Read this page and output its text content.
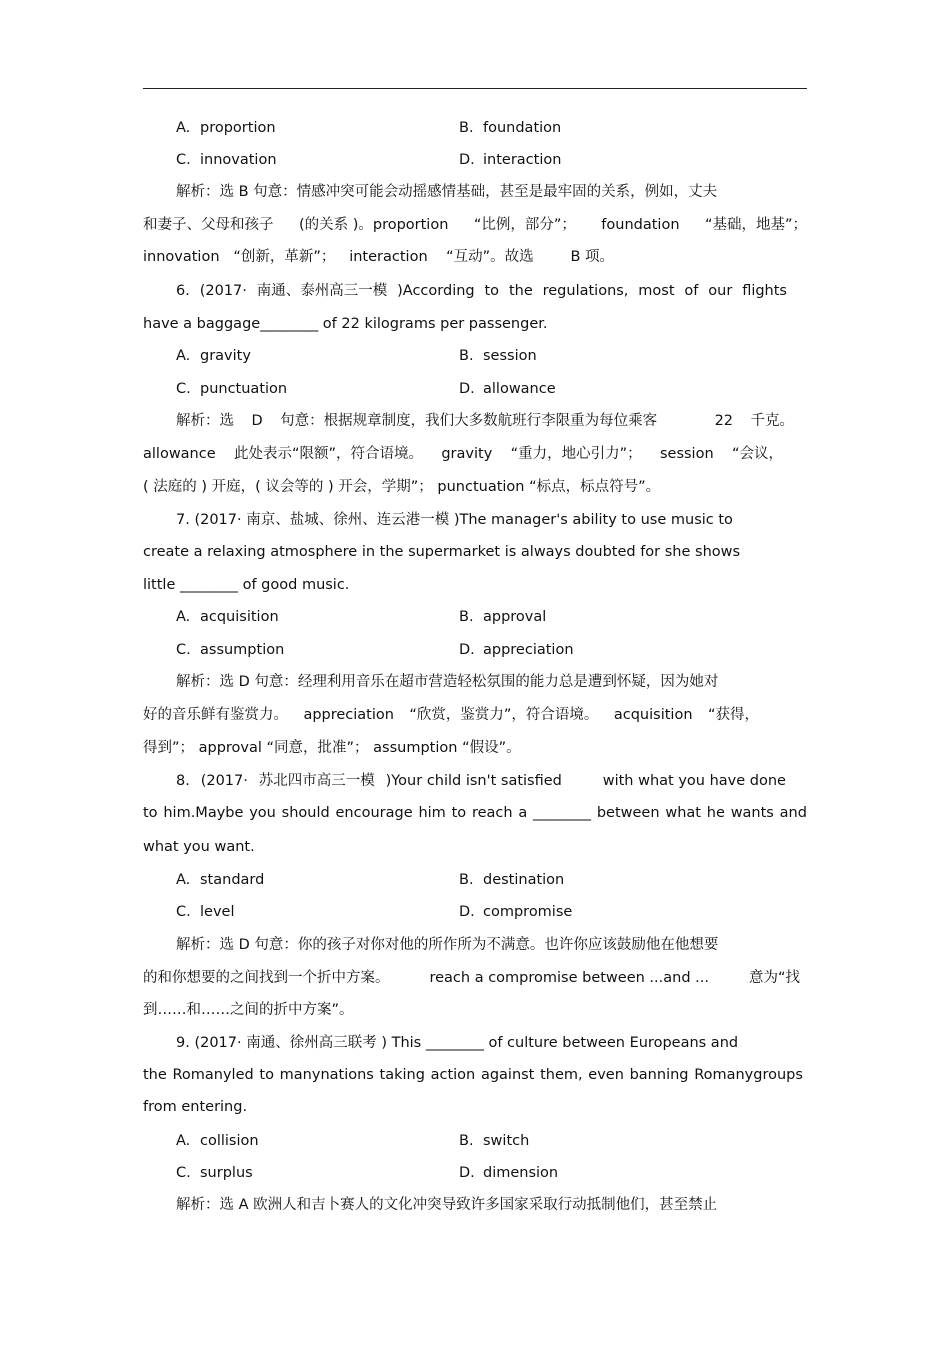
A. proportion	B. foundation
C. innovation	D. interaction
解析：选 B 句意：情感冲突可能会动摇感情基础，甚至是最牢固的关系，例如，丈夫
和妻子、父母和孩子 (的关系 )。proportion “比例，部分”； foundation “基础，地基”；
innovation “创新，革新”； interaction “互动”。故选	B 项。
6. (2017· 南通、泰州高三一模 )According to the regulations, most of our flights
have a baggage________ of 22 kilograms per passenger.
A. gravity	B. session
C. punctuation	D. allowance
解析：选 D 句意：根据规章制度，我们大多数航班行李限重为每位乘客	22 千克。
allowance 此处表示“限额”，符合语境。 gravity “重力，地心引力”； session “会议，
( 法庭的 ) 开庭，( 议会等的 ) 开会，学期”； punctuation “标点，标点符号”。
7. (2017· 南京、盐城、徐州、连云港一模 )The manager's ability to use music to
create a relaxing atmosphere in the supermarket is always doubted for she shows
little ________ of good music.
A. acquisition	B. approval
C. assumption	D. appreciation
解析：选 D 句意：经理利用音乐在超市营造轻松氛围的能力总是遭到怀疑，因为她对
好的音乐鲜有鉴赏力。 appreciation “欣赏，鉴赏力”，符合语境。 acquisition “获得，
得到”； approval “同意，批准”； assumption “假设”。
8. (2017· 苏北四市高三一模 )Your child isn't satisfied	with what you have done
to him.Maybe you should encourage him to reach a ________ between what he wants and
what you want.
A. standard	B. destination
C. level	D. compromise
解析：选 D 句意：你的孩子对你对他的所作所为不满意。也许你应该鼓励他在他想要
的和你想要的之间找到一个折中方案。	reach a compromise between ...and ...	意为“找
到……和……之间的折中方案”。
9. (2017· 南通、徐州高三联考 ) This ________ of culture between Europeans and
the Romanyled to manynations taking action against them, even banning Romanygroups
from entering.
A. collision	B. switch
C. surplus	D. dimension
解析：选 A 欧洲人和吉卜赛人的文化冲突导致许多国家采取行动抵制他们，甚至禁止
